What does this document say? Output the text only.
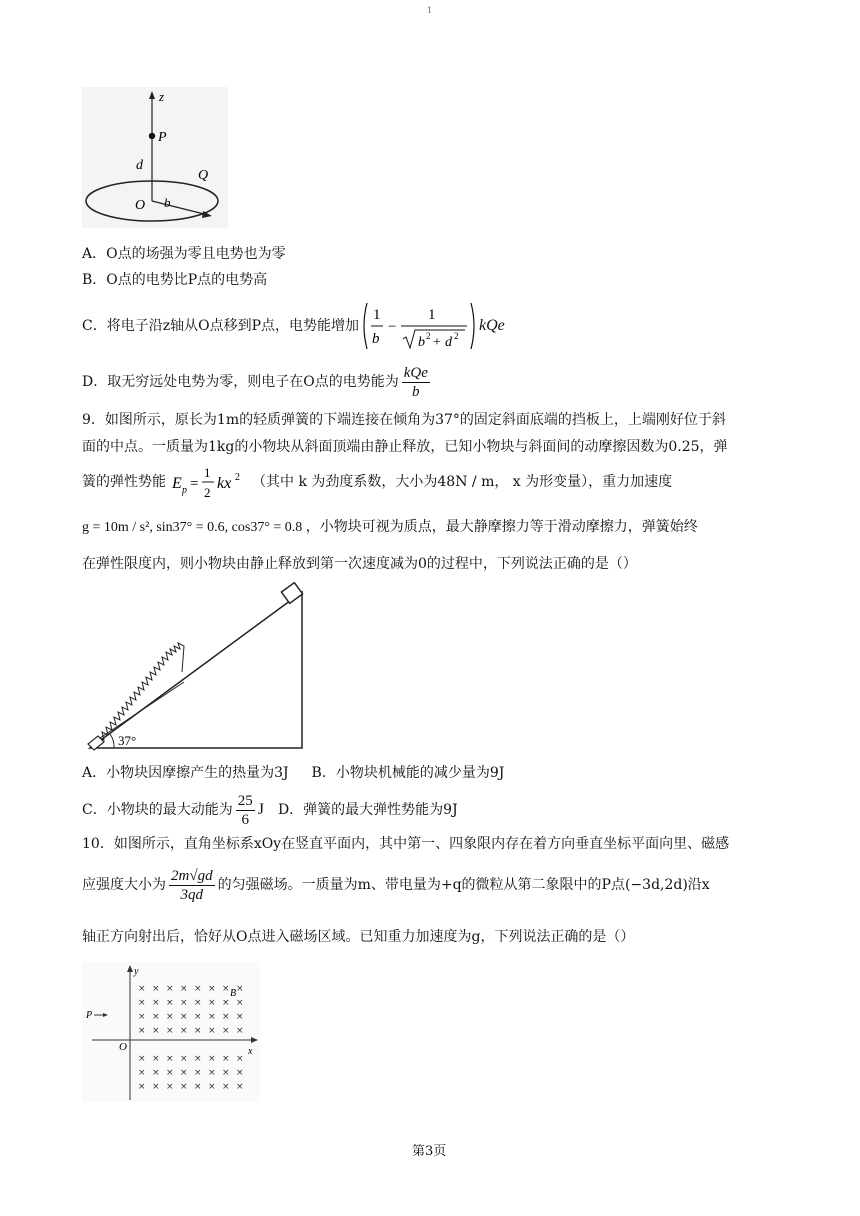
1
z
P
d
Q
O b
A．O点的场强为零且电势也为零
B．O点的电势比P点的电势高
C．将电子沿z轴从O点移到P点，电势能增加
1
b
−
1
b 2 + d 2
kQe
D．取无穷远处电势为零，则电子在O点的电势能为 $\frac{\text{kQe}}{b}$
9．如图所示，原长为1m的轻质弹簧的下端连接在倾角为37°的固定斜面底端的挡板上，上端刚好位于斜
面的中点。一质量为1kg的小物块从斜面顶端由静止释放，已知小物块与斜面间的动摩擦因数为0.25，弹
簧的弹性势能 E p =
1
2
kx 2 （其中 k 为劲度系数，大小为48N / m， x 为形变量），重力加速度
g = 10m / s², sin37° = 0.6, cos37° = 0.8 ，小物块可视为质点，最大静摩擦力等于滑动摩擦力，弹簧始终
在弹性限度内，则小物块由静止释放到第一次速度减为0的过程中，下列说法正确的是（）
37°
A．小物块因摩擦产生的热量为3J B．小物块机械能的减少量为9J
C．小物块的最大动能为 $\frac{25}{6}$ J D．弹簧的最大弹性势能为9J
10．如图所示，直角坐标系xOy在竖直平面内，其中第一、四象限内存在着方向垂直坐标平面向里、磁感
应强度大小为 $\frac{2m√gd}{3qd}$ 的匀强磁场。一质量为m、带电量为+q的微粒从第二象限中的P点(−3d,2d)沿x
轴正方向射出后，恰好从O点进入磁场区域。已知重力加速度为g，下列说法正确的是（）
y
x
O
B
P
× × × × × × × ×
× × × × × × × ×
× × × × × × × ×
× × × × × × × ×
× × × × × × × ×
× × × × × × × ×
× × × × × × × ×
第3页
